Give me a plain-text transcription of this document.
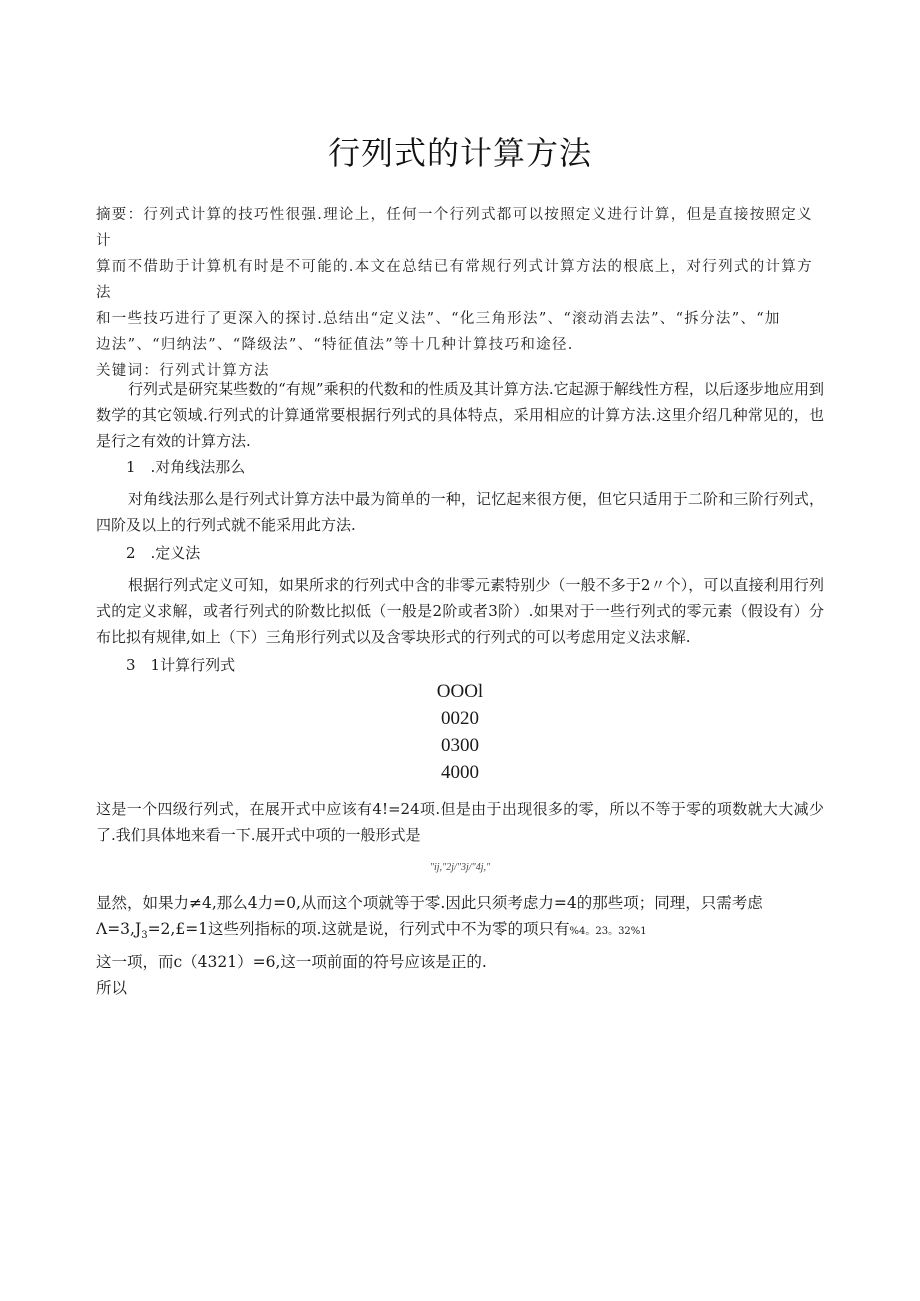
行列式的计算方法

摘要：行列式计算的技巧性很强.理论上，任何一个行列式都可以按照定义进行计算，但是直接按照定义计

算而不借助于计算机有时是不可能的.本文在总结已有常规行列式计算方法的根底上，对行列式的计算方法

和一些技巧进行了更深入的探讨.总结出“定义法”、“化三角形法”、“滚动消去法”、“拆分法”、“加

边法”、“归纳法”、“降级法”、“特征值法”等十几种计算技巧和途径.

关键词：行列式计算方法

行列式是研究某些数的“有规”乘积的代数和的性质及其计算方法.它起源于解线性方程，以后逐步地应用到数学的其它领域.行列式的计算通常要根据行列式的具体特点，采用相应的计算方法.这里介绍几种常见的，也是行之有效的计算方法.

1　.对角线法那么

对角线法那么是行列式计算方法中最为简单的一种，记忆起来很方便，但它只适用于二阶和三阶行列式，四阶及以上的行列式就不能采用此方法.

2　.定义法

根据行列式定义可知，如果所求的行列式中含的非零元素特别少（一般不多于2〃个），可以直接利用行列式的定义求解，或者行列式的阶数比拟低（一般是2阶或者3阶）.如果对于一些行列式的零元素（假设有）分布比拟有规律,如上（下）三角形行列式以及含零块形式的行列式的可以考虑用定义法求解.

3　1计算行列式

OOOl
0020
0300
4000

这是一个四级行列式，在展开式中应该有4!=24项.但是由于出现很多的零，所以不等于零的项数就大大减少了.我们具体地来看一下.展开式中项的一般形式是

"ij,"2j/"3j/"4j,"

显然，如果力≠4,那么4力=0,从而这个项就等于零.因此只须考虑力=4的那些项；同理，只需考虑

$\Lambda=3,J_3=2,£=1$这些列指标的项.这就是说，行列式中不为零的项只有%4。23。32%1

这一项，而c（4321）=6,这一项前面的符号应该是正的.

所以
